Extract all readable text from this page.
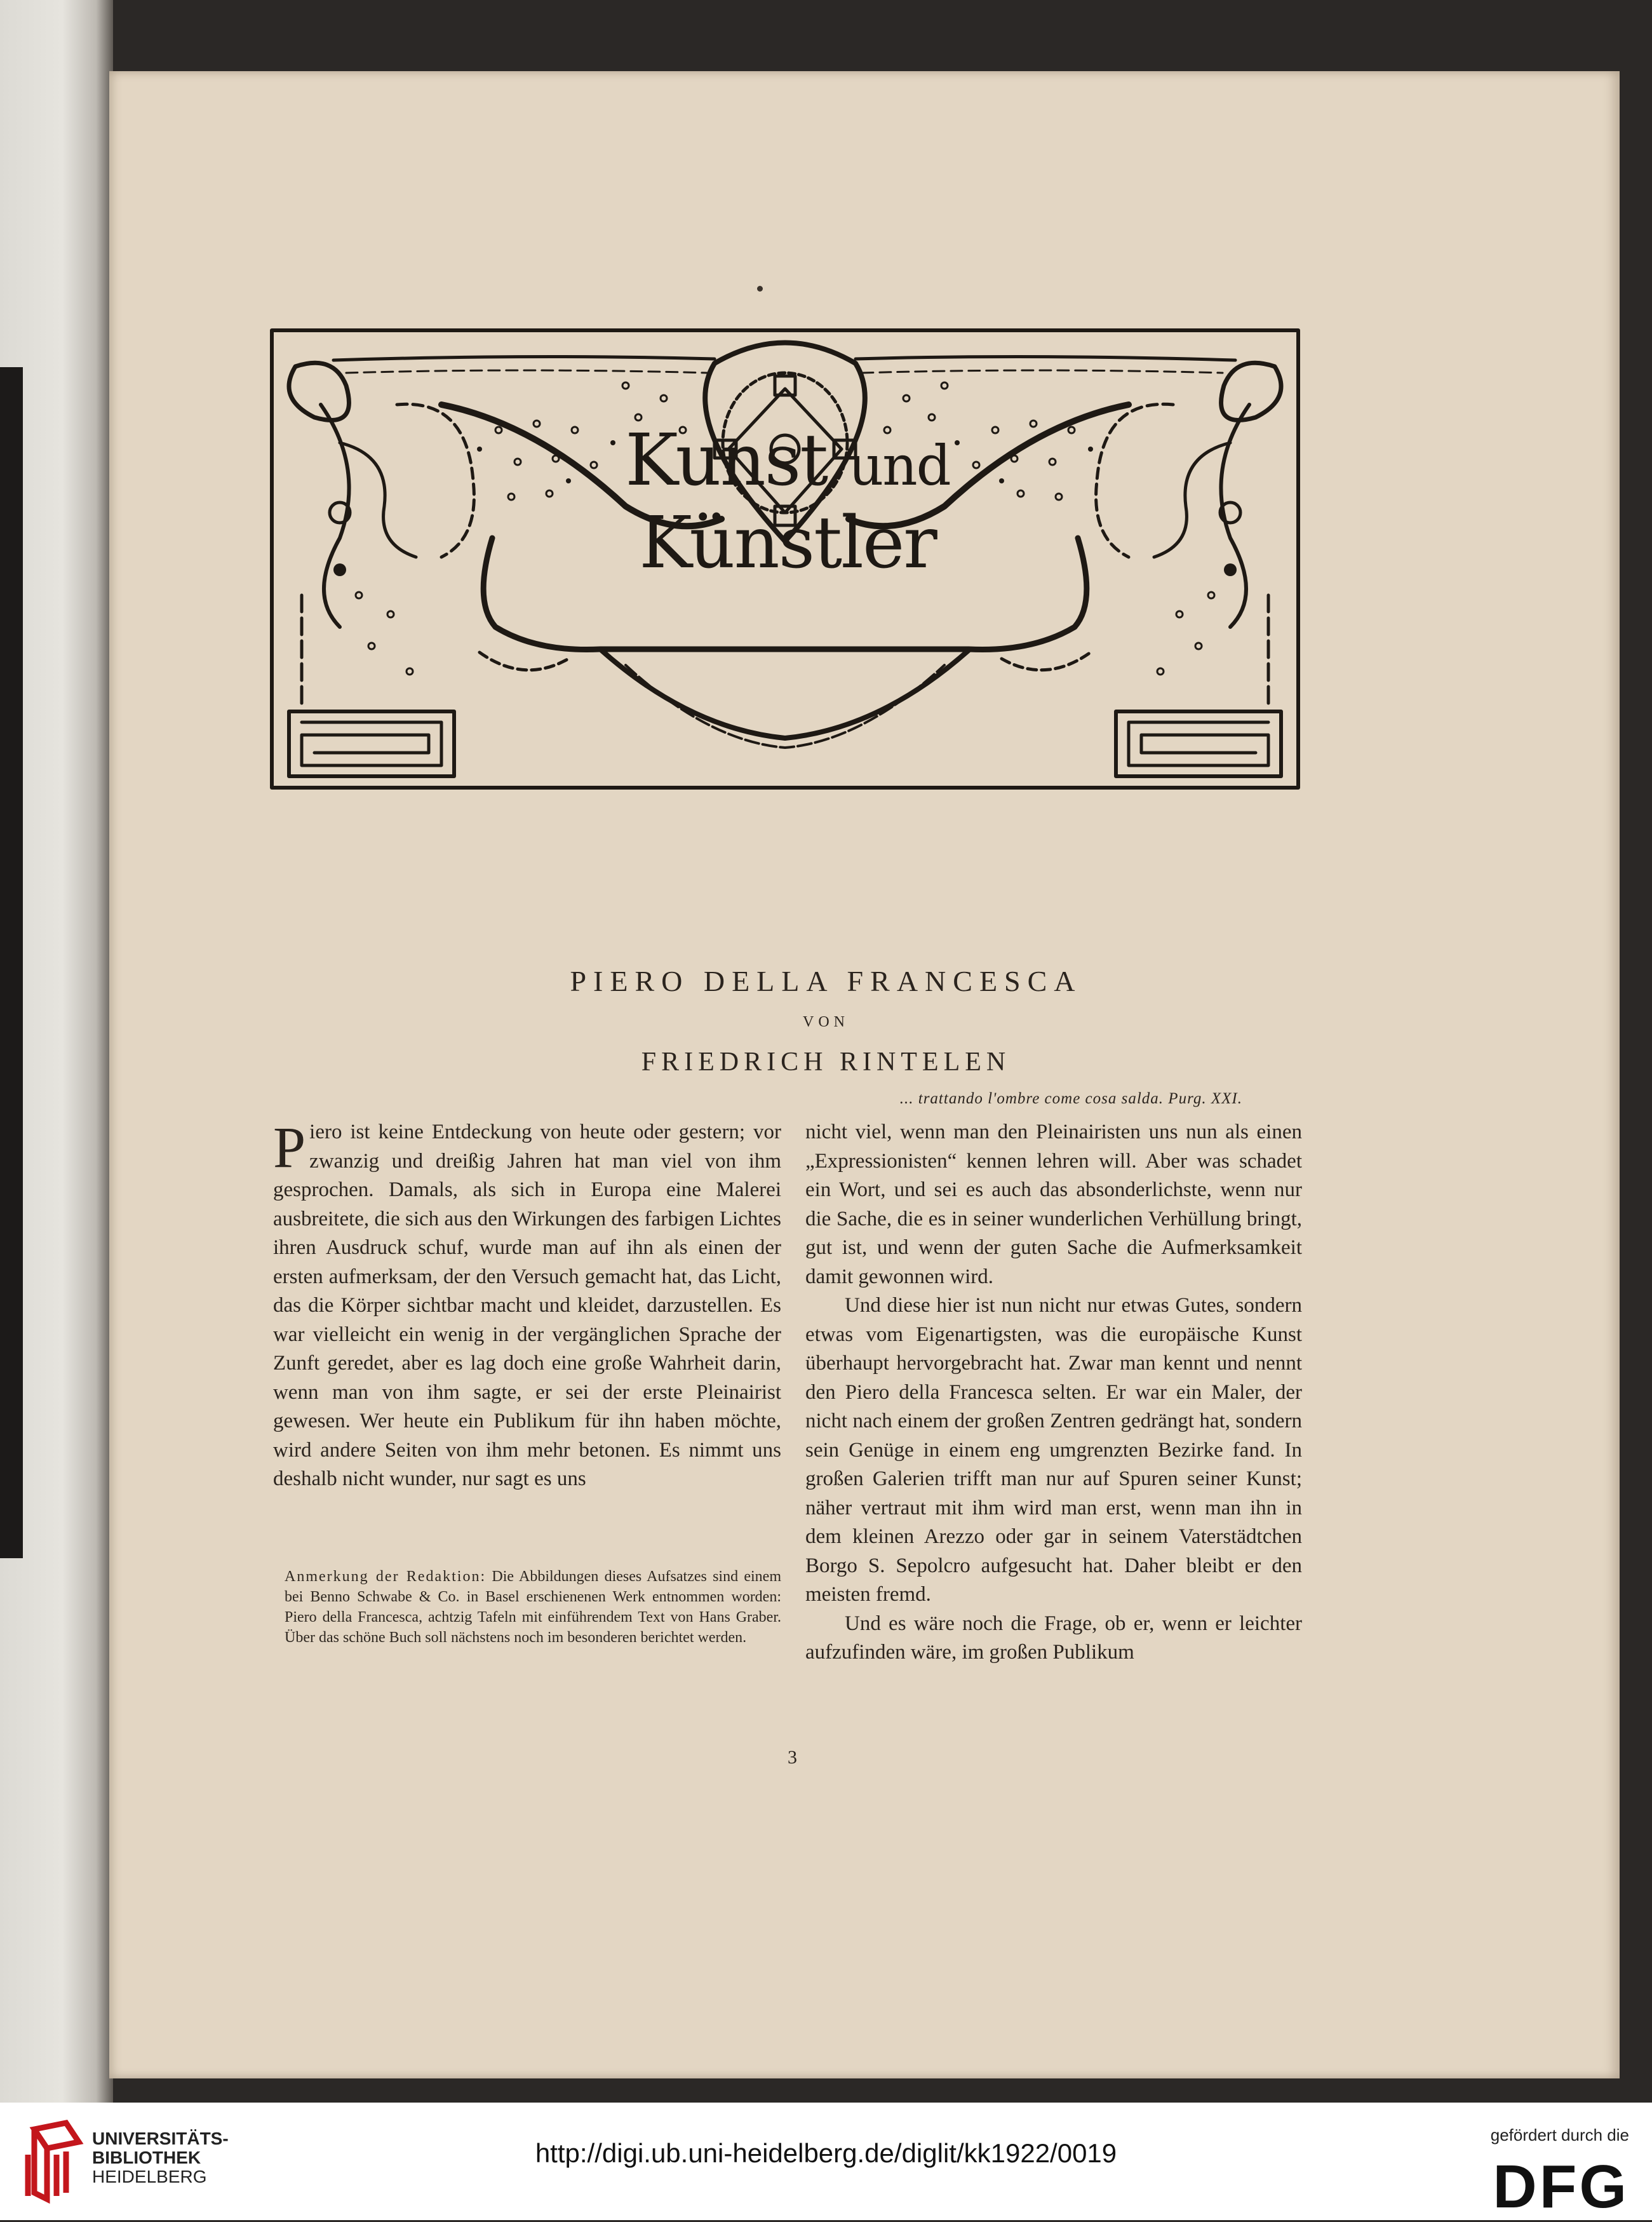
Kunst und Künstler
PIERO DELLA FRANCESCA
VON
FRIEDRICH RINTELEN
... trattando l'ombre come cosa salda. Purg. XXI.

Piero ist keine Entdeckung von heute oder gestern; vor zwanzig und dreißig Jahren hat man viel von ihm gesprochen. Damals, als sich in Europa eine Malerei ausbreitete, die sich aus den Wirkungen des farbigen Lichtes ihren Ausdruck schuf, wurde man auf ihn als einen der ersten aufmerksam, der den Versuch gemacht hat, das Licht, das die Körper sichtbar macht und kleidet, darzustellen. Es war vielleicht ein wenig in der vergänglichen Sprache der Zunft geredet, aber es lag doch eine große Wahrheit darin, wenn man von ihm sagte, er sei der erste Pleinairist gewesen. Wer heute ein Publikum für ihn haben möchte, wird andere Seiten von ihm mehr betonen. Es nimmt uns deshalb nicht wunder, nur sagt es uns

Anmerkung der Redaktion: Die Abbildungen dieses Aufsatzes sind einem bei Benno Schwabe & Co. in Basel erschienenen Werk entnommen worden: Piero della Francesca, achtzig Tafeln mit einführendem Text von Hans Graber. Über das schöne Buch soll nächstens noch im besonderen berichtet werden.

nicht viel, wenn man den Pleinairisten uns nun als einen „Expressionisten“ kennen lehren will. Aber was schadet ein Wort, und sei es auch das absonderlichste, wenn nur die Sache, die es in seiner wunderlichen Verhüllung bringt, gut ist, und wenn der guten Sache die Aufmerksamkeit damit gewonnen wird.

Und diese hier ist nun nicht nur etwas Gutes, sondern etwas vom Eigenartigsten, was die europäische Kunst überhaupt hervorgebracht hat. Zwar man kennt und nennt den Piero della Francesca selten. Er war ein Maler, der nicht nach einem der großen Zentren gedrängt hat, sondern sein Genüge in einem eng umgrenzten Bezirke fand. In großen Galerien trifft man nur auf Spuren seiner Kunst; näher vertraut mit ihm wird man erst, wenn man ihn in dem kleinen Arezzo oder gar in seinem Vaterstädtchen Borgo S. Sepolcro aufgesucht hat. Daher bleibt er den meisten fremd.

Und es wäre noch die Frage, ob er, wenn er leichter aufzufinden wäre, im großen Publikum

3
UNIVERSITÄTS-
BIBLIOTHEK
HEIDELBERG
http://digi.ub.uni-heidelberg.de/diglit/kk1922/0019
gefördert durch die
DFG
